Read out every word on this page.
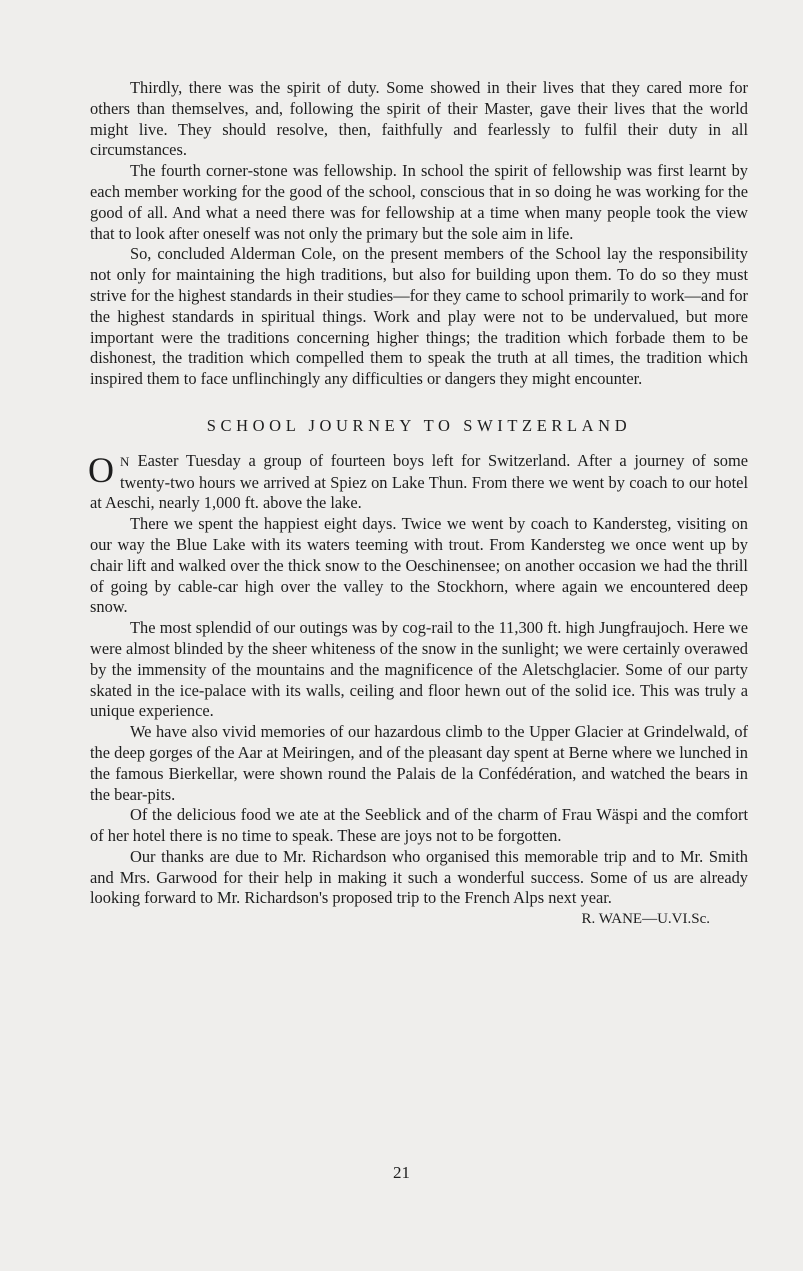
Thirdly, there was the spirit of duty. Some showed in their lives that they cared more for others than themselves, and, following the spirit of their Master, gave their lives that the world might live. They should resolve, then, faithfully and fearlessly to fulfil their duty in all circumstances.

The fourth corner-stone was fellowship. In school the spirit of fellowship was first learnt by each member working for the good of the school, conscious that in so doing he was working for the good of all. And what a need there was for fellowship at a time when many people took the view that to look after oneself was not only the primary but the sole aim in life.

So, concluded Alderman Cole, on the present members of the School lay the responsibility not only for maintaining the high traditions, but also for building upon them. To do so they must strive for the highest standards in their studies—for they came to school primarily to work—and for the highest standards in spiritual things. Work and play were not to be undervalued, but more important were the traditions concerning higher things; the tradition which forbade them to be dishonest, the tradition which compelled them to speak the truth at all times, the tradition which inspired them to face unflinchingly any difficulties or dangers they might encounter.

SCHOOL JOURNEY TO SWITZERLAND

O N Easter Tuesday a group of fourteen boys left for Switzerland. After a journey of some twenty-two hours we arrived at Spiez on Lake Thun. From there we went by coach to our hotel at Aeschi, nearly 1,000 ft. above the lake.

There we spent the happiest eight days. Twice we went by coach to Kandersteg, visiting on our way the Blue Lake with its waters teeming with trout. From Kandersteg we once went up by chair lift and walked over the thick snow to the Oeschinensee; on another occasion we had the thrill of going by cable-car high over the valley to the Stockhorn, where again we encountered deep snow.

The most splendid of our outings was by cog-rail to the 11,300 ft. high Jungfraujoch. Here we were almost blinded by the sheer whiteness of the snow in the sunlight; we were certainly overawed by the immensity of the mountains and the magnificence of the Aletschglacier. Some of our party skated in the ice-palace with its walls, ceiling and floor hewn out of the solid ice. This was truly a unique experience.

We have also vivid memories of our hazardous climb to the Upper Glacier at Grindelwald, of the deep gorges of the Aar at Meiringen, and of the pleasant day spent at Berne where we lunched in the famous Bierkellar, were shown round the Palais de la Confédération, and watched the bears in the bear-pits.

Of the delicious food we ate at the Seeblick and of the charm of Frau Wäspi and the comfort of her hotel there is no time to speak. These are joys not to be forgotten.

Our thanks are due to Mr. Richardson who organised this memorable trip and to Mr. Smith and Mrs. Garwood for their help in making it such a wonderful success. Some of us are already looking forward to Mr. Richardson's proposed trip to the French Alps next year.

R. WANE—U.VI.Sc.

21
